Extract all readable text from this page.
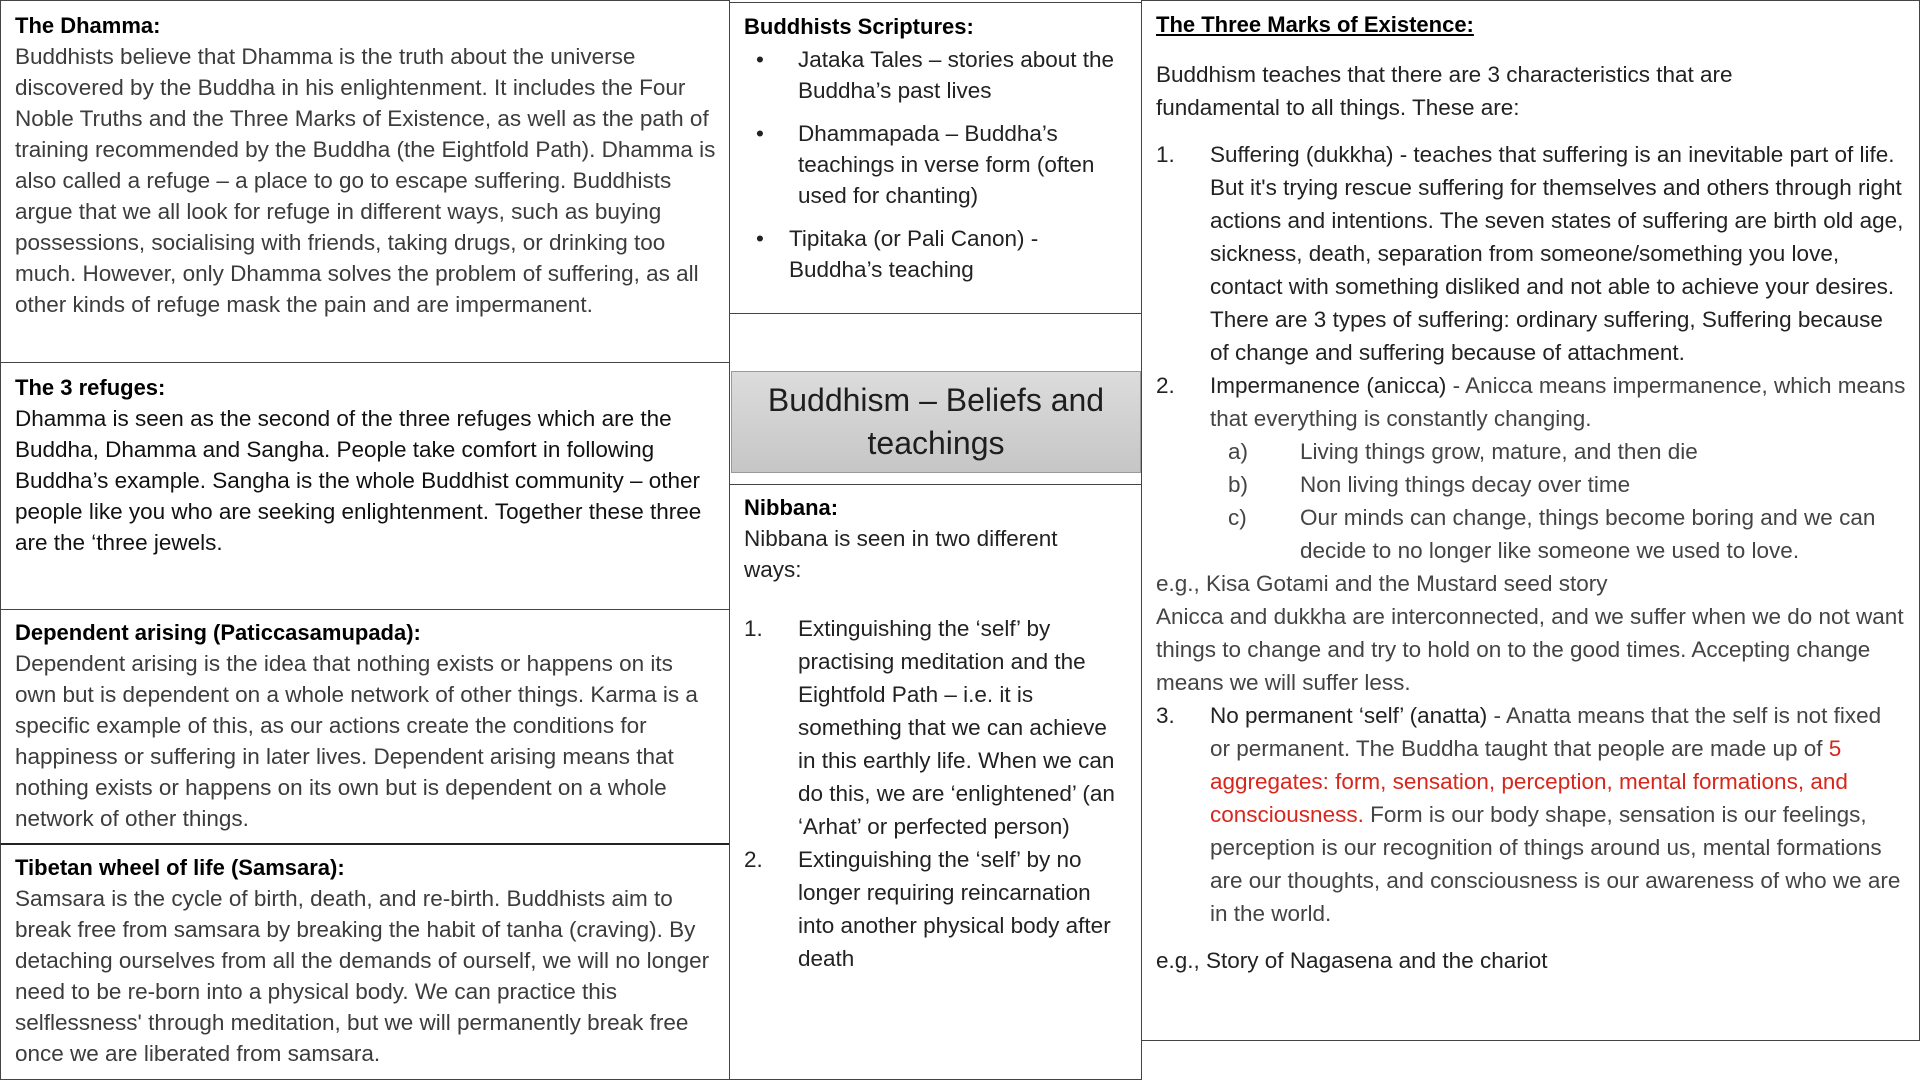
The Dhamma:
Buddhists believe that Dhamma is the truth about the universe discovered by the Buddha in his enlightenment. It includes the Four Noble Truths and the Three Marks of Existence, as well as the path of training recommended by the Buddha (the Eightfold Path). Dhamma is also called a refuge – a place to go to escape suffering. Buddhists argue that we all look for refuge in different ways, such as buying possessions, socialising with friends, taking drugs, or drinking too much. However, only Dhamma solves the problem of suffering, as all other kinds of refuge mask the pain and are impermanent.
The 3 refuges:
Dhamma is seen as the second of the three refuges which are the Buddha, Dhamma and Sangha. People take comfort in following Buddha’s example. Sangha is the whole Buddhist community – other people like you who are seeking enlightenment. Together these three are the ‘three jewels.
Dependent arising (Paticcasamupada):
Dependent arising is the idea that nothing exists or happens on its own but is dependent on a whole network of other things. Karma is a specific example of this, as our actions create the conditions for happiness or suffering in later lives. Dependent arising means that nothing exists or happens on its own but is dependent on a whole network of other things.
Tibetan wheel of life (Samsara):
Samsara is the cycle of birth, death, and re-birth. Buddhists aim to break free from samsara by breaking the habit of tanha (craving). By detaching ourselves from all the demands of ourself, we will no longer need to be re-born into a physical body. We can practice this selflessness' through meditation, but we will permanently break free once we are liberated from samsara.
Buddhists Scriptures:
• Jataka Tales – stories about the Buddha’s past lives
• Dhammapada – Buddha’s teachings in verse form (often used for chanting)
• Tipitaka (or Pali Canon) - Buddha’s teaching
Buddhism – Beliefs and teachings
Nibbana:
Nibbana is seen in two different ways:
1. Extinguishing the ‘self’ by practising meditation and the Eightfold Path – i.e. it is something that we can achieve in this earthly life. When we can do this, we are ‘enlightened’ (an ‘Arhat’ or perfected person)
2. Extinguishing the ‘self’ by no longer requiring reincarnation into another physical body after death
The Three Marks of Existence:
Buddhism teaches that there are 3 characteristics that are fundamental to all things. These are:
1. Suffering (dukkha) - teaches that suffering is an inevitable part of life. But it's trying rescue suffering for themselves and others through right actions and intentions. The seven states of suffering are birth old age, sickness, death, separation from someone/something you love, contact with something disliked and not able to achieve your desires. There are 3 types of suffering: ordinary suffering, Suffering because of change and suffering because of attachment.
2. Impermanence (anicca) - Anicca means impermanence, which means that everything is constantly changing.
a) Living things grow, mature, and then die
b) Non living things decay over time
c) Our minds can change, things become boring and we can decide to no longer like someone we used to love.
e.g., Kisa Gotami and the Mustard seed story
Anicca and dukkha are interconnected, and we suffer when we do not want things to change and try to hold on to the good times. Accepting change means we will suffer less.
3. No permanent ‘self’ (anatta) - Anatta means that the self is not fixed or permanent. The Buddha taught that people are made up of 5 aggregates: form, sensation, perception, mental formations, and consciousness. Form is our body shape, sensation is our feelings, perception is our recognition of things around us, mental formations are our thoughts, and consciousness is our awareness of who we are in the world.
e.g., Story of Nagasena and the chariot
